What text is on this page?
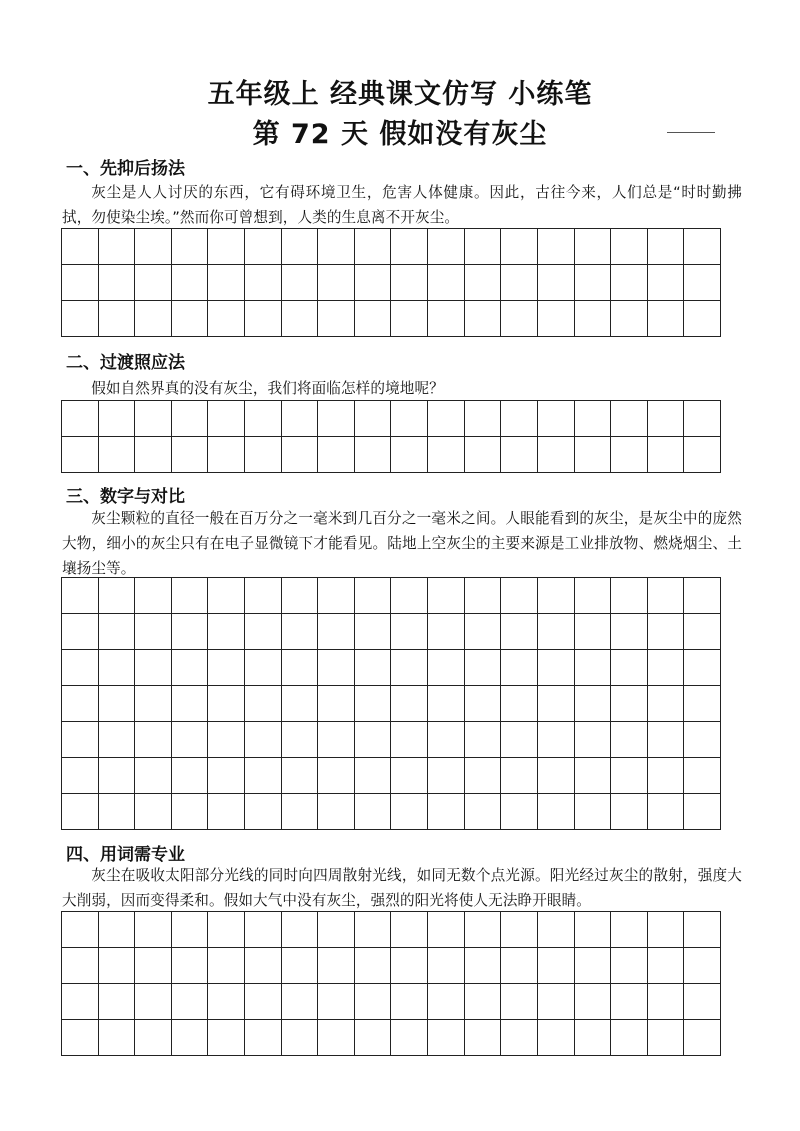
五年级上 经典课文仿写 小练笔
第 72 天 假如没有灰尘
一、先抑后扬法
灰尘是人人讨厌的东西，它有碍环境卫生，危害人体健康。因此，古往今来，人们总是“时时勤拂拭，勿使染尘埃。”然而你可曾想到，人类的生息离不开灰尘。
二、过渡照应法
假如自然界真的没有灰尘，我们将面临怎样的境地呢？
三、数字与对比
灰尘颗粒的直径一般在百万分之一毫米到几百分之一毫米之间。人眼能看到的灰尘，是灰尘中的庞然大物，细小的灰尘只有在电子显微镜下才能看见。陆地上空灰尘的主要来源是工业排放物、燃烧烟尘、土壤扬尘等。
四、用词需专业
灰尘在吸收太阳部分光线的同时向四周散射光线，如同无数个点光源。阳光经过灰尘的散射，强度大大削弱，因而变得柔和。假如大气中没有灰尘，强烈的阳光将使人无法睁开眼睛。
